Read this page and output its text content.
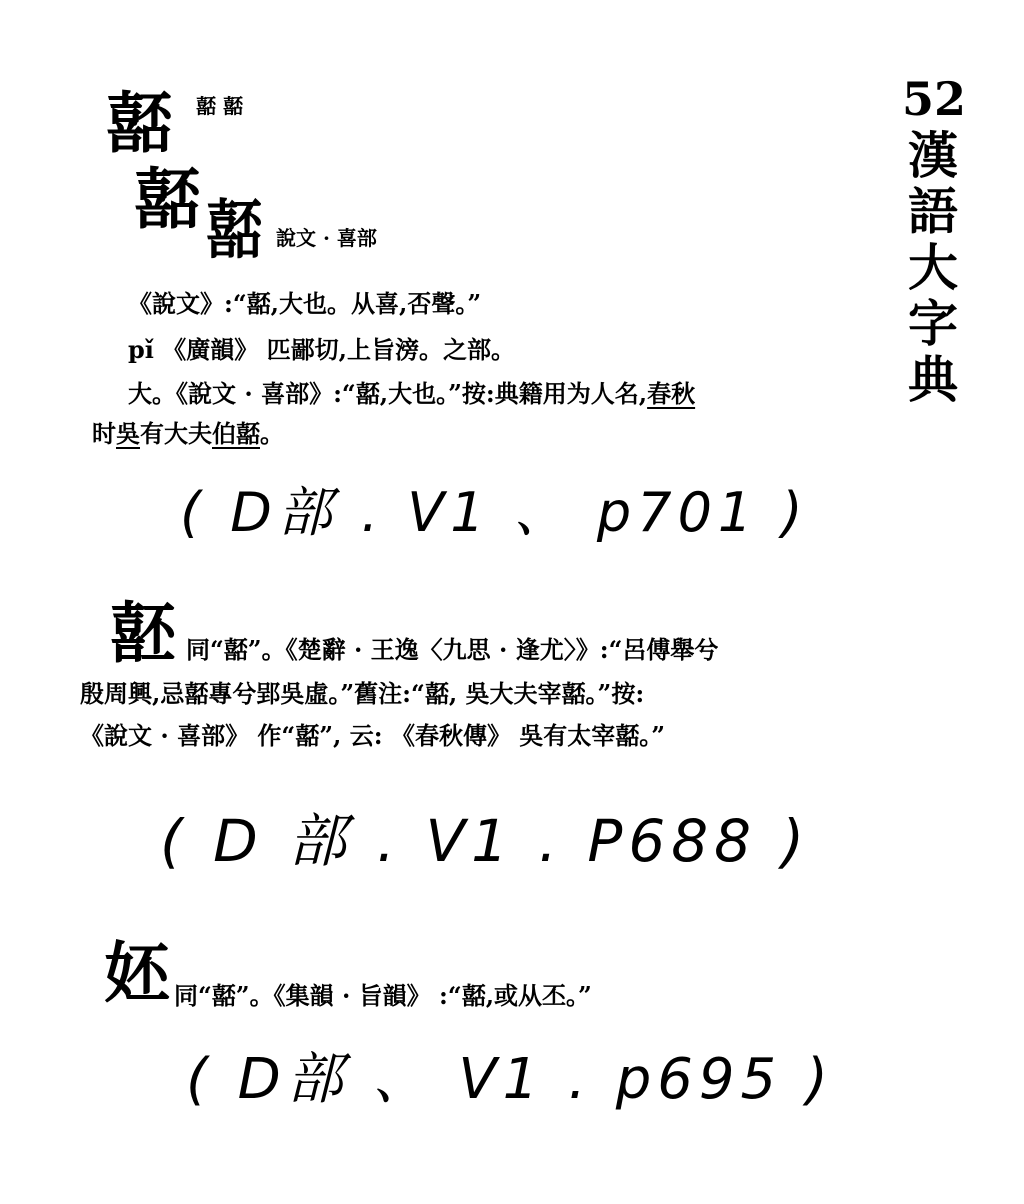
52
漢
語
大
字
典
嚭 嚭 嚭
嚭 嚭 說文 · 喜部
《說文》:“嚭,大也。从喜,否聲。”
pǐ 《廣韻》 匹鄙切,上旨滂。之部。
大。《說文 · 喜部》:“嚭,大也。”按:典籍用为人名,春秋
时吳有大夫伯嚭。
( D部 . V1 、 p701 )
噽 同“嚭”。《楚辭 · 王逸〈九思 · 逢尤〉》:“呂傅舉兮
殷周興,忌嚭專兮郢吳虛。”舊注:“嚭, 吳大夫宰嚭。”按:
《說文 · 喜部》 作“嚭”, 云: 《春秋傳》 吳有太宰嚭。”
( D 部 . V1 . P688 )
㚰 同“嚭”。《集韻 · 旨韻》 :“嚭,或从丕。”
( D部 、 V1 . p695 )
